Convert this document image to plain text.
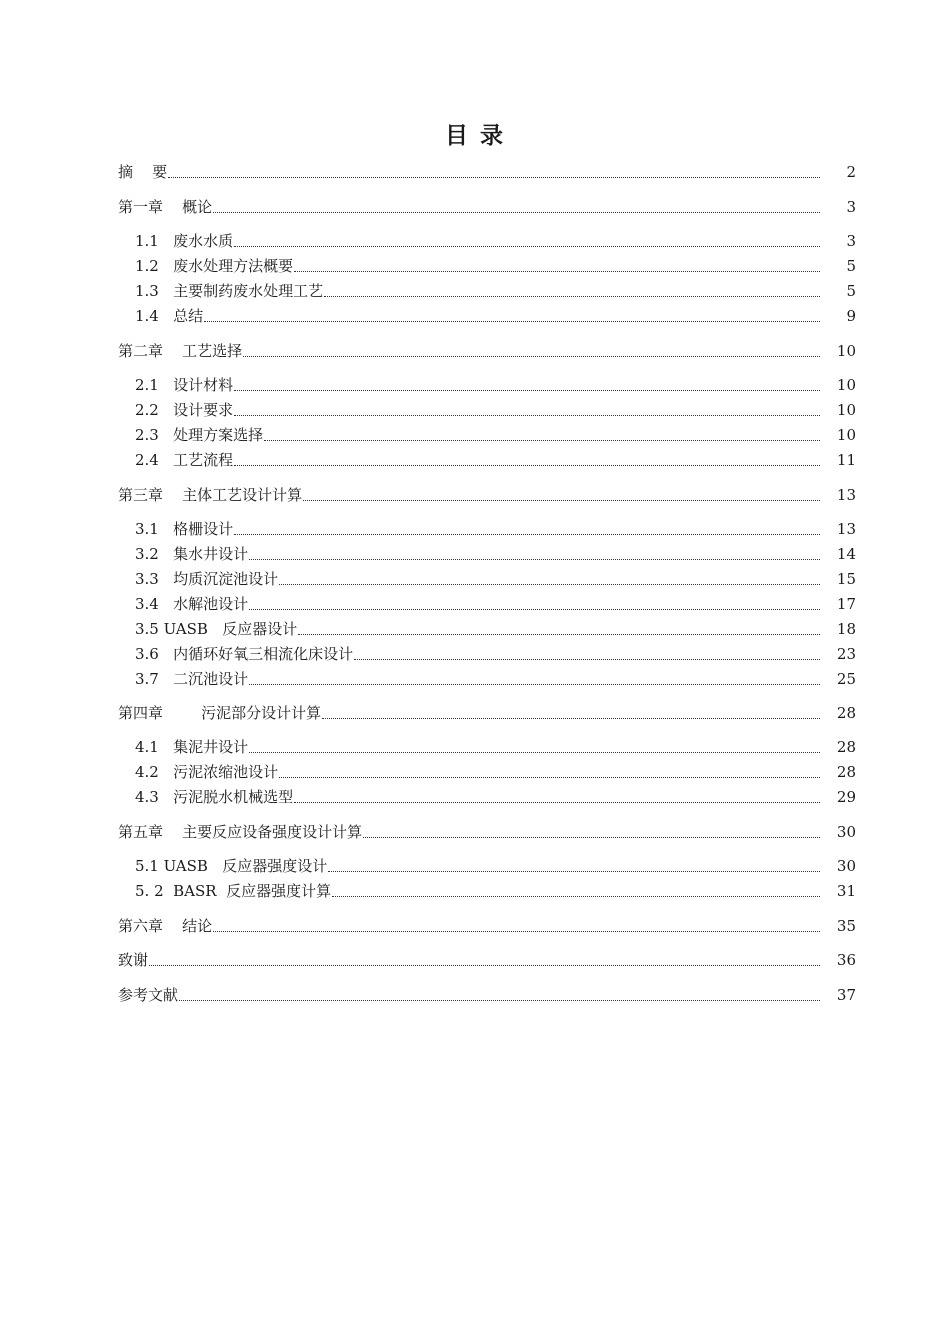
目 录
摘    要	2
第一章    概论	3
1.1   废水水质	3
1.2   废水处理方法概要	5
1.3   主要制药废水处理工艺	5
1.4   总结	9
第二章    工艺选择	10
2.1   设计材料	10
2.2   设计要求	10
2.3   处理方案选择	10
2.4   工艺流程	11
第三章    主体工艺设计计算	13
3.1   格栅设计	13
3.2   集水井设计	14
3.3   均质沉淀池设计	15
3.4   水解池设计	17
3.5 UASB   反应器设计	18
3.6   内循环好氧三相流化床设计	23
3.7   二沉池设计	25
第四章        污泥部分设计计算	28
4.1   集泥井设计	28
4.2   污泥浓缩池设计	28
4.3   污泥脱水机械选型	29
第五章    主要反应设备强度设计计算	30
5.1 UASB   反应器强度设计	30
5. 2  BASR  反应器强度计算	31
第六章    结论	35
致谢	36
参考文献	37
